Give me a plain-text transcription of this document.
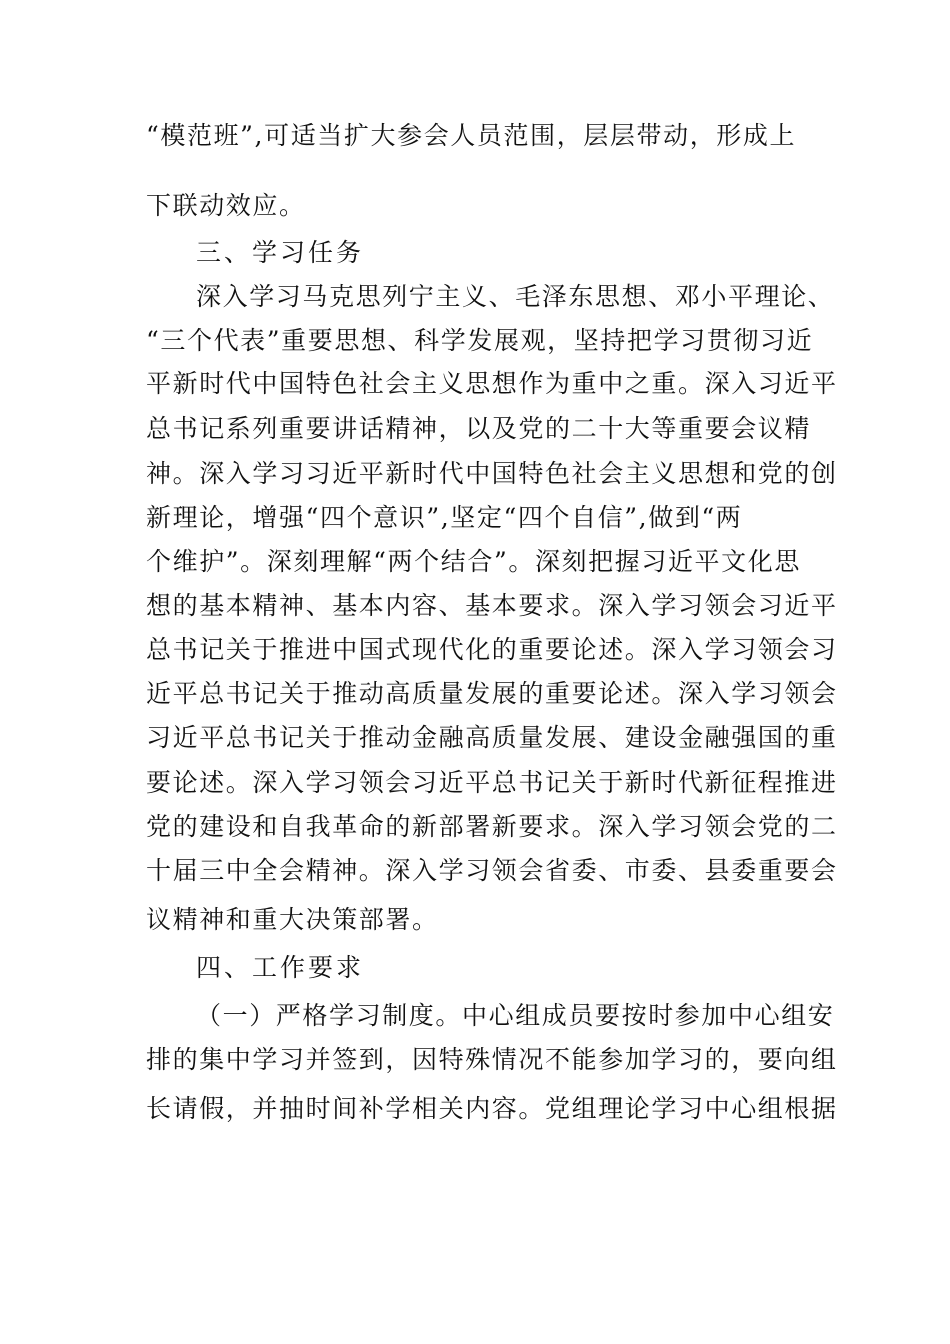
“模范班”,可适当扩大参会人员范围，层层带动，形成上
下联动效应。
三、学习任务
深入学习马克思列宁主义、毛泽东思想、邓小平理论、
“三个代表”重要思想、科学发展观，坚持把学习贯彻习近
平新时代中国特色社会主义思想作为重中之重。深入习近平
总书记系列重要讲话精神，以及党的二十大等重要会议精
神。深入学习习近平新时代中国特色社会主义思想和党的创
新理论，增强“四个意识”,坚定“四个自信”,做到“两
个维护”。深刻理解“两个结合”。深刻把握习近平文化思
想的基本精神、基本内容、基本要求。深入学习领会习近平
总书记关于推进中国式现代化的重要论述。深入学习领会习
近平总书记关于推动高质量发展的重要论述。深入学习领会
习近平总书记关于推动金融高质量发展、建设金融强国的重
要论述。深入学习领会习近平总书记关于新时代新征程推进
党的建设和自我革命的新部署新要求。深入学习领会党的二
十届三中全会精神。深入学习领会省委、市委、县委重要会
议精神和重大决策部署。
四、工作要求
（一）严格学习制度。中心组成员要按时参加中心组安
排的集中学习并签到，因特殊情况不能参加学习的，要向组
长请假，并抽时间补学相关内容。党组理论学习中心组根据
